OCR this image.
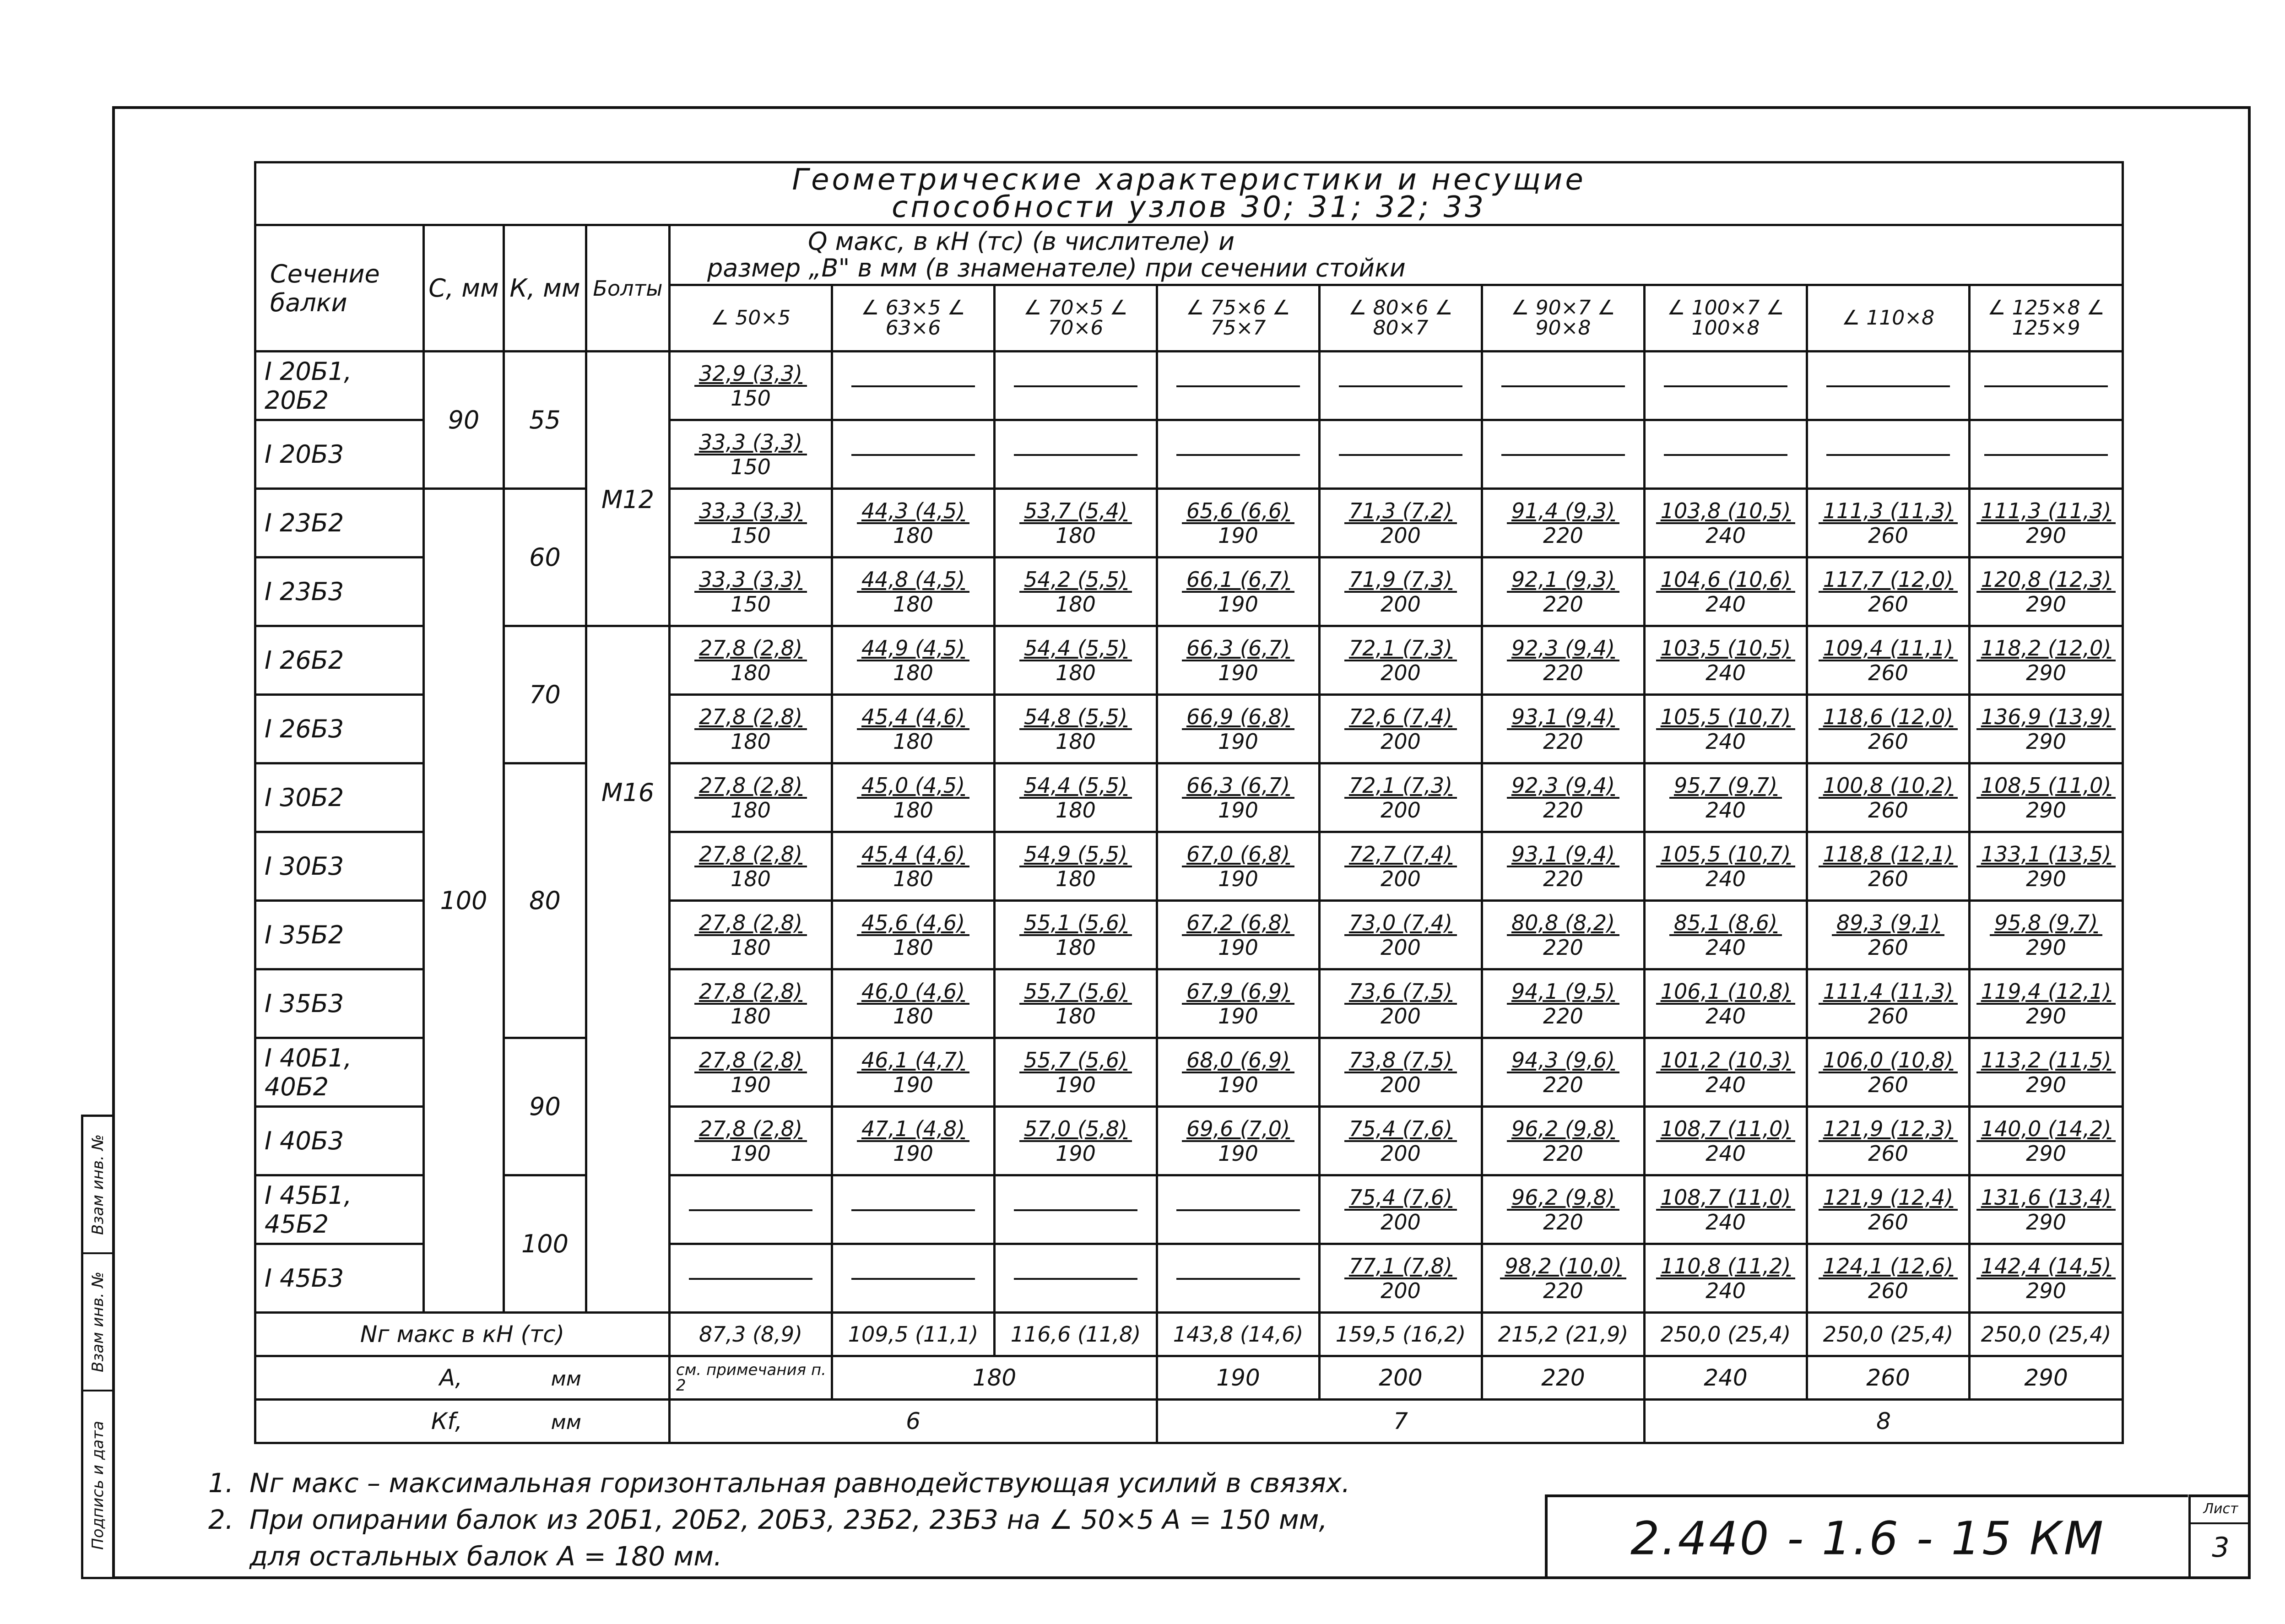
Взам инв. №
Взам инв. №
Подпись и дата
Геометрические характеристики и несущие
способности узлов 30; 31; 32; 33												

Сечение балки	С, мм	К, мм	Болты	Q макс, в кН (тс) (в числителе) и
размер „В" в мм (в знаменателе) при сечении стойки								

				∠ 50×5	∠ 63×5 ∠ 63×6	∠ 70×5 ∠ 70×6	∠ 75×6 ∠ 75×7	∠ 80×6 ∠ 80×7	∠ 90×7 ∠ 90×8	∠ 100×7 ∠ 100×8	∠ 110×8	∠ 125×8 ∠ 125×9
I 20Б1, 20Б2	90	55	М12	$\frac{32,9 (3,3)}{150}$

I 20Б3				$\frac{33,3 (3,3)}{150}$

I 23Б2	100	60		$\frac{33,3 (3,3)}{150}$	$\frac{44,3 (4,5)}{180}$	$\frac{53,7 (5,4)}{180}$	$\frac{65,6 (6,6)}{190}$	$\frac{71,3 (7,2)}{200}$	$\frac{91,4 (9,3)}{220}$	$\frac{103,8 (10,5)}{240}$	$\frac{111,3 (11,3)}{260}$	$\frac{111,3 (11,3)}{290}$

I 23Б3				$\frac{33,3 (3,3)}{150}$	$\frac{44,8 (4,5)}{180}$	$\frac{54,2 (5,5)}{180}$	$\frac{66,1 (6,7)}{190}$	$\frac{71,9 (7,3)}{200}$	$\frac{92,1 (9,3)}{220}$	$\frac{104,6 (10,6)}{240}$	$\frac{117,7 (12,0)}{260}$	$\frac{120,8 (12,3)}{290}$

I 26Б2		70	М16	$\frac{27,8 (2,8)}{180}$	$\frac{44,9 (4,5)}{180}$	$\frac{54,4 (5,5)}{180}$	$\frac{66,3 (6,7)}{190}$	$\frac{72,1 (7,3)}{200}$	$\frac{92,3 (9,4)}{220}$	$\frac{103,5 (10,5)}{240}$	$\frac{109,4 (11,1)}{260}$	$\frac{118,2 (12,0)}{290}$

I 26Б3				$\frac{27,8 (2,8)}{180}$	$\frac{45,4 (4,6)}{180}$	$\frac{54,8 (5,5)}{180}$	$\frac{66,9 (6,8)}{190}$	$\frac{72,6 (7,4)}{200}$	$\frac{93,1 (9,4)}{220}$	$\frac{105,5 (10,7)}{240}$	$\frac{118,6 (12,0)}{260}$	$\frac{136,9 (13,9)}{290}$

I 30Б2		80		$\frac{27,8 (2,8)}{180}$	$\frac{45,0 (4,5)}{180}$	$\frac{54,4 (5,5)}{180}$	$\frac{66,3 (6,7)}{190}$	$\frac{72,1 (7,3)}{200}$	$\frac{92,3 (9,4)}{220}$	$\frac{95,7 (9,7)}{240}$	$\frac{100,8 (10,2)}{260}$	$\frac{108,5 (11,0)}{290}$

I 30Б3				$\frac{27,8 (2,8)}{180}$	$\frac{45,4 (4,6)}{180}$	$\frac{54,9 (5,5)}{180}$	$\frac{67,0 (6,8)}{190}$	$\frac{72,7 (7,4)}{200}$	$\frac{93,1 (9,4)}{220}$	$\frac{105,5 (10,7)}{240}$	$\frac{118,8 (12,1)}{260}$	$\frac{133,1 (13,5)}{290}$

I 35Б2				$\frac{27,8 (2,8)}{180}$	$\frac{45,6 (4,6)}{180}$	$\frac{55,1 (5,6)}{180}$	$\frac{67,2 (6,8)}{190}$	$\frac{73,0 (7,4)}{200}$	$\frac{80,8 (8,2)}{220}$	$\frac{85,1 (8,6)}{240}$	$\frac{89,3 (9,1)}{260}$	$\frac{95,8 (9,7)}{290}$

I 35Б3				$\frac{27,8 (2,8)}{180}$	$\frac{46,0 (4,6)}{180}$	$\frac{55,7 (5,6)}{180}$	$\frac{67,9 (6,9)}{190}$	$\frac{73,6 (7,5)}{200}$	$\frac{94,1 (9,5)}{220}$	$\frac{106,1 (10,8)}{240}$	$\frac{111,4 (11,3)}{260}$	$\frac{119,4 (12,1)}{290}$

I 40Б1, 40Б2		90		$\frac{27,8 (2,8)}{190}$	$\frac{46,1 (4,7)}{190}$	$\frac{55,7 (5,6)}{190}$	$\frac{68,0 (6,9)}{190}$	$\frac{73,8 (7,5)}{200}$	$\frac{94,3 (9,6)}{220}$	$\frac{101,2 (10,3)}{240}$	$\frac{106,0 (10,8)}{260}$	$\frac{113,2 (11,5)}{290}$

I 40Б3				$\frac{27,8 (2,8)}{190}$	$\frac{47,1 (4,8)}{190}$	$\frac{57,0 (5,8)}{190}$	$\frac{69,6 (7,0)}{190}$	$\frac{75,4 (7,6)}{200}$	$\frac{96,2 (9,8)}{220}$	$\frac{108,7 (11,0)}{240}$	$\frac{121,9 (12,3)}{260}$	$\frac{140,0 (14,2)}{290}$

I 45Б1, 45Б2		100						$\frac{75,4 (7,6)}{200}$	$\frac{96,2 (9,8)}{220}$	$\frac{108,7 (11,0)}{240}$	$\frac{121,9 (12,4)}{260}$	$\frac{131,6 (13,4)}{290}$

I 45Б3								$\frac{77,1 (7,8)}{200}$	$\frac{98,2 (10,0)}{220}$	$\frac{110,8 (11,2)}{240}$	$\frac{124,1 (12,6)}{260}$	$\frac{142,4 (14,5)}{290}$

Nг макс в кН (тс)				87,3 (8,9)	109,5 (11,1)	116,6 (11,8)	143,8 (14,6)	159,5 (16,2)	215,2 (21,9)	250,0 (25,4)	250,0 (25,4)	250,0 (25,4)
А, мм				см. примечания п. 2	180		190	200	220	240	260	290
Кf, мм				6			7			8		
1. Nг макс – максимальная горизонтальная равнодействующая усилий в связях.
2. При опирании балок из 20Б1, 20Б2, 20Б3, 23Б2, 23Б3 на ∠ 50×5 А = 150 мм,
для остальных балок А = 180 мм.	2.440 - 1.6 - 15 КМ
Лист
3
